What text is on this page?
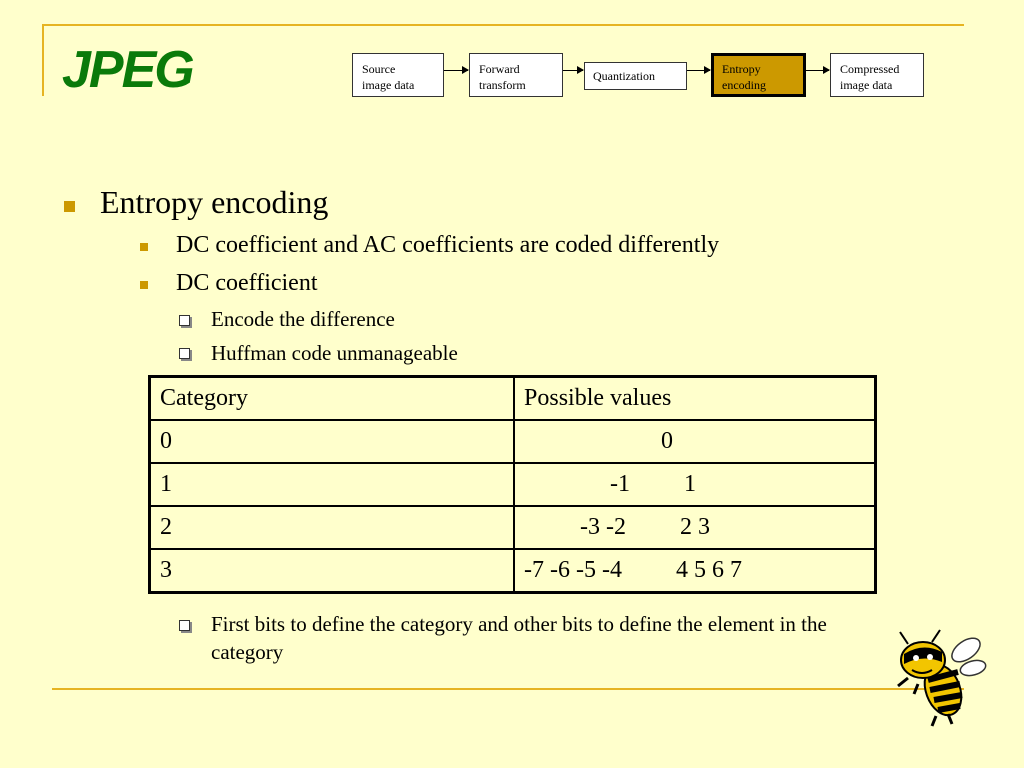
JPEG	Source
image data
Forward
transform
Quantization	Entropy
encoding
Compressed
image data
Entropy encoding
DC coefficient and AC coefficients are coded differently
DC coefficient
Encode the difference
Huffman code unmanageable
Category	Possible values
0	0
1	-1         1
2	-3 -2         2 3
3	-7 -6 -5 -4         4 5 6 7
First bits to define the category and other bits to define the element in the
category
